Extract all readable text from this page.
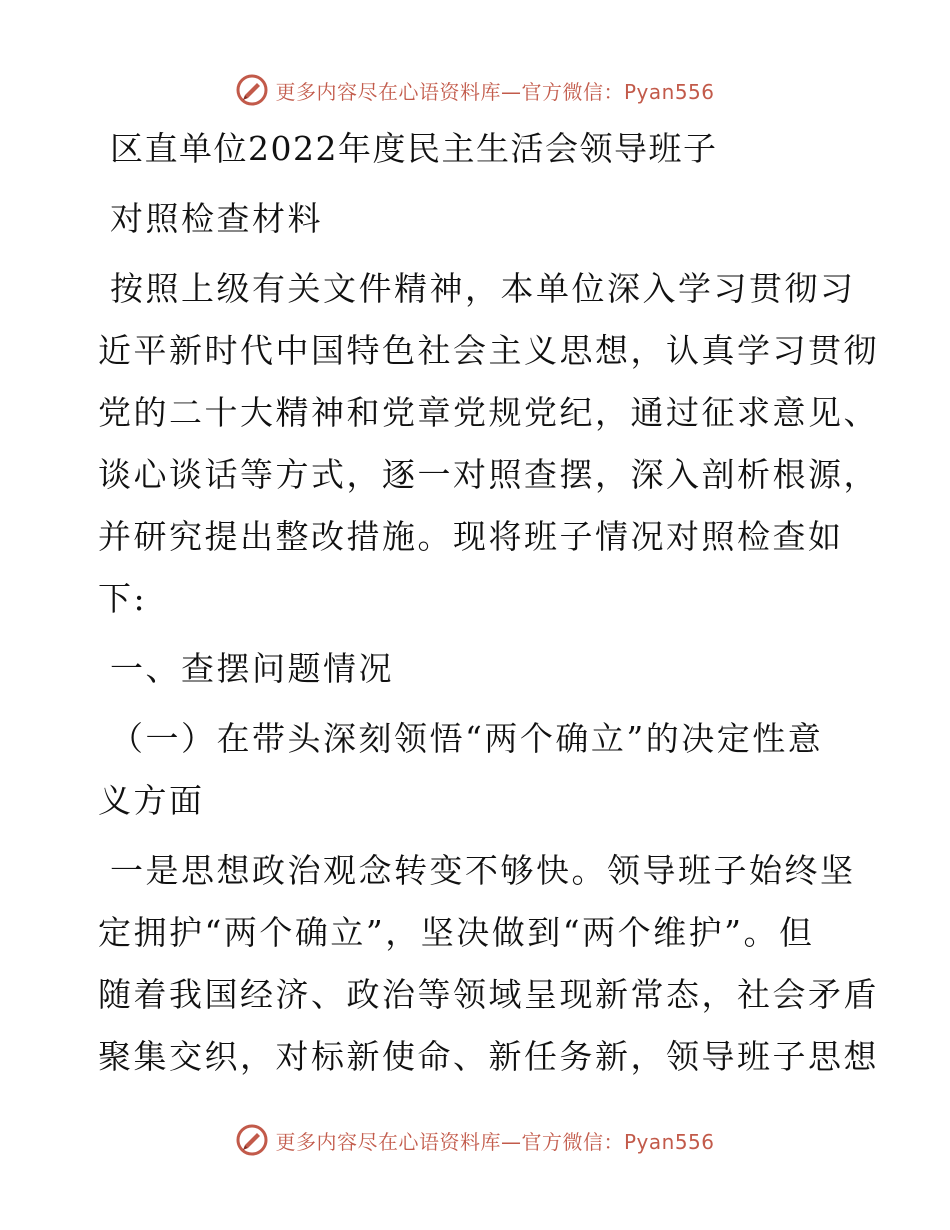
更多内容尽在心语资料库—官方微信：Pyan556
区直单位2022年度民主生活会领导班子
对照检查材料
按照上级有关文件精神，本单位深入学习贯彻习
近平新时代中国特色社会主义思想，认真学习贯彻
党的二十大精神和党章党规党纪，通过征求意见、
谈心谈话等方式，逐一对照查摆，深入剖析根源，
并研究提出整改措施。现将班子情况对照检查如
下:
一、查摆问题情况
（一）在带头深刻领悟“两个确立”的决定性意
义方面
一是思想政治观念转变不够快。领导班子始终坚
定拥护“两个确立”，坚决做到“两个维护”。但
随着我国经济、政治等领域呈现新常态，社会矛盾
聚集交织，对标新使命、新任务新，领导班子思想
更多内容尽在心语资料库—官方微信：Pyan556
